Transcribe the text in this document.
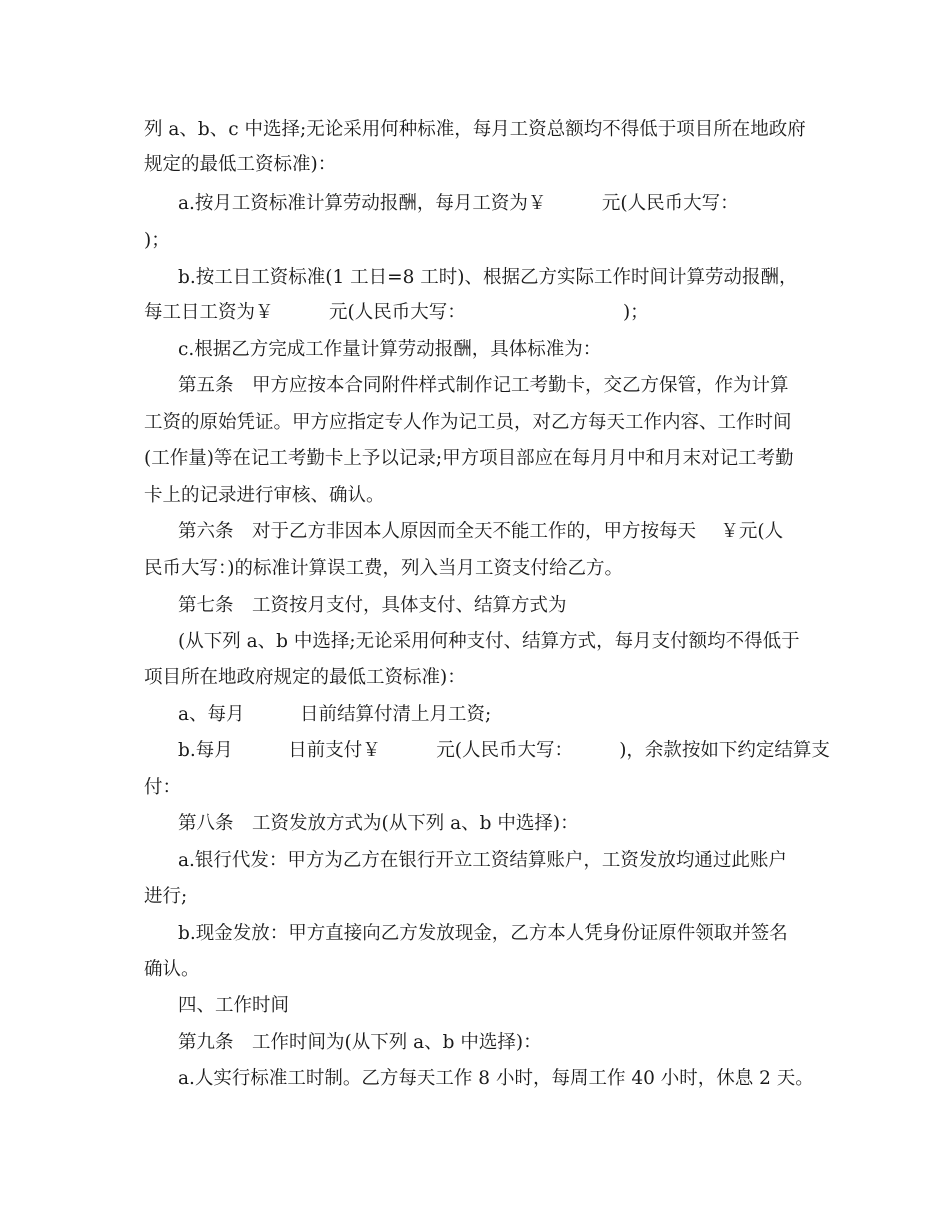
列 a、b、c 中选择;无论采用何种标准，每月工资总额均不得低于项目所在地政府
规定的最低工资标准)：
a.按月工资标准计算劳动报酬，每月工资为￥　　　元(人民币大写：
)；
b.按工日工资标准(1 工日=8 工时)、根据乙方实际工作时间计算劳动报酬，
每工日工资为￥　　　元(人民币大写：　　　　　　　　　)；
c.根据乙方完成工作量计算劳动报酬，具体标准为：
第五条　甲方应按本合同附件样式制作记工考勤卡，交乙方保管，作为计算
工资的原始凭证。甲方应指定专人作为记工员，对乙方每天工作内容、工作时间
(工作量)等在记工考勤卡上予以记录;甲方项目部应在每月月中和月末对记工考勤
卡上的记录进行审核、确认。
第六条　对于乙方非因本人原因而全天不能工作的，甲方按每天　 ￥元(人
民币大写：)的标准计算误工费，列入当月工资支付给乙方。
第七条　工资按月支付，具体支付、结算方式为
(从下列 a、b 中选择;无论采用何种支付、结算方式，每月支付额均不得低于
项目所在地政府规定的最低工资标准)：
a、每月　　　日前结算付清上月工资;
b.每月　　　日前支付￥　　　元(人民币大写：　　　)，余款按如下约定结算支
付：
第八条　工资发放方式为(从下列 a、b 中选择)：
a.银行代发：甲方为乙方在银行开立工资结算账户，工资发放均通过此账户
进行;
b.现金发放：甲方直接向乙方发放现金，乙方本人凭身份证原件领取并签名
确认。
四、工作时间
第九条　工作时间为(从下列 a、b 中选择)：
a.人实行标准工时制。乙方每天工作 8 小时，每周工作 40 小时，休息 2 天。
